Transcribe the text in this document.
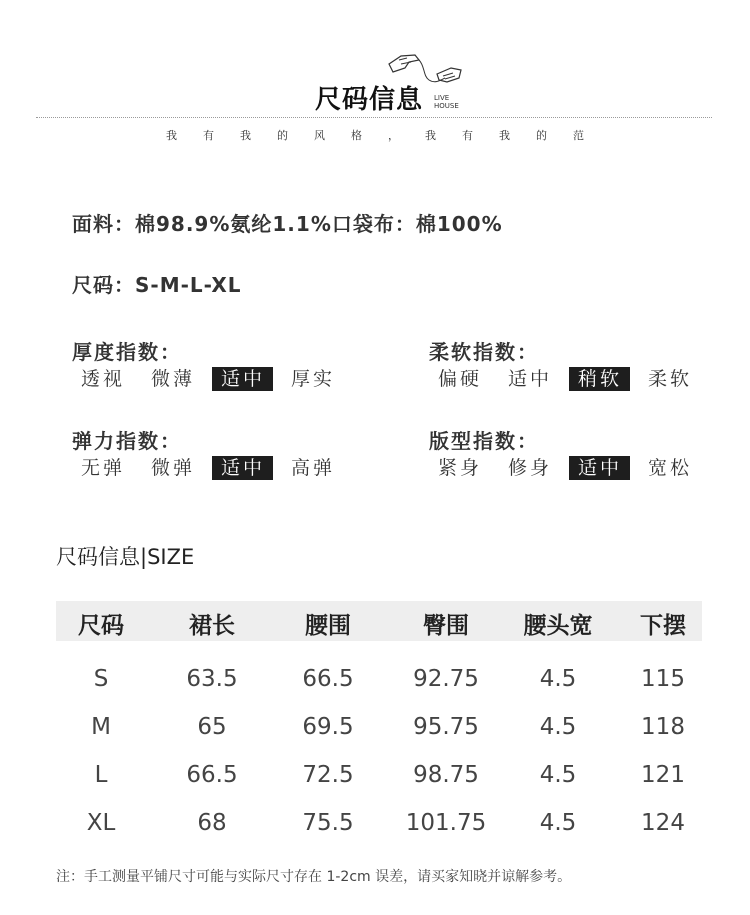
尺码信息 LIVE
HOUSE
我 有 我 的 风 格 ， 我 有 我 的 范
面料：棉98.9%氨纶1.1%口袋布：棉100%
尺码：S-M-L-XL
厚度指数：
透视	微薄	适中	厚实
柔软指数：
偏硬	适中	稍软	柔软
弹力指数：
无弹	微弹	适中	高弹
版型指数：
紧身	修身	适中	宽松
尺码信息|SIZE
尺码	裙长	腰围	臀围 腰头宽 下摆
S	63.5	66.5	92.75	4.5	115
M	65	69.5	95.75	4.5	118
L	66.5	72.5	98.75	4.5	121
XL	68	75.5 101.75 4.5	124
注：手工测量平铺尺寸可能与实际尺寸存在 1-2cm 误差，请买家知晓并谅解参考。
